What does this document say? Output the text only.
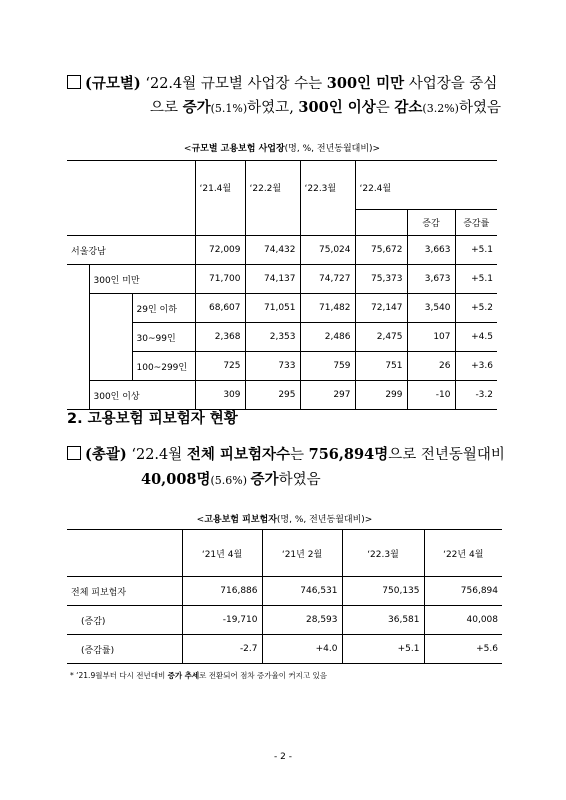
(규모별) ‘22.4월 규모별 사업장 수는 300인 미만 사업장을 중심
으로 증가(5.1%)하였고, 300인 이상은 감소(3.2%)하였음
<규모별 고용보험 사업장(명, %, 전년동월대비)>
			‘21.4월	‘22.2월	‘22.3월	‘22.4월		
							증감	증감률
서울강남			72,009	74,432	75,024	75,672	3,663	+5.1
	300인 미만		71,700	74,137	74,727	75,373	3,673	+5.1
		29인 이하	68,607	71,051	71,482	72,147	3,540	+5.2
		30~99인	2,368	2,353	2,486	2,475	107	+4.5
		100~299인	725	733	759	751	26	+3.6
	300인 이상		309	295	297	299	-10	-3.2
2. 고용보험 피보험자 현황
(총괄) ‘22.4월 전체 피보험자수는 756,894명으로 전년동월대비
40,008명(5.6%) 증가하였음
<고용보험 피보험자(명, %, 전년동월대비)>
	‘21년 4월	‘21년 2월	‘22.3월	‘22년 4월
전체 피보험자	716,886	746,531	750,135	756,894
(증감)	-19,710	28,593	36,581	40,008
(증감률)	-2.7	+4.0	+5.1	+5.6
* ‘21.9월부터 다시 전년대비 증가 추세로 전환되어 점차 증가율이 커지고 있음
- 2 -
